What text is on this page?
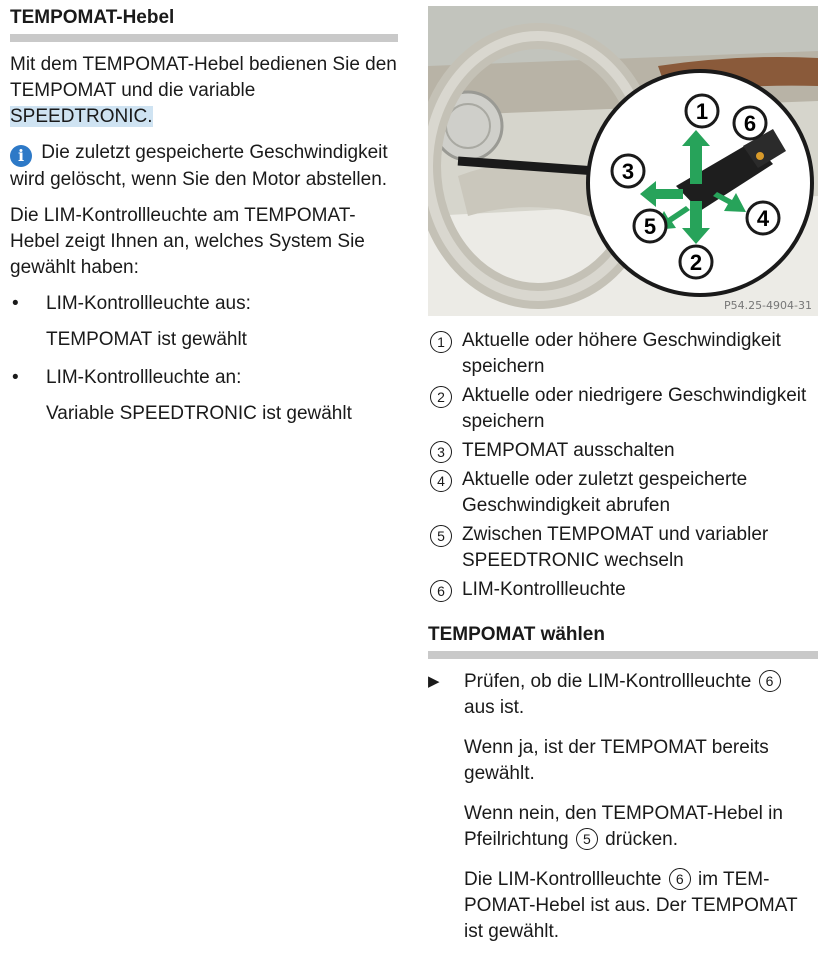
TEMPOMAT-Hebel

Mit dem TEMPOMAT-Hebel bedienen Sie den TEMPOMAT und die variable SPEEDTRONIC.

i Die zuletzt gespeicherte Geschwindigkeit wird gelöscht, wenn Sie den Motor abstellen.

Die LIM-Kontrollleuchte am TEMPOMAT-Hebel zeigt Ihnen an, welches System Sie gewählt haben:

• LIM-Kontrollleuchte aus:
TEMPOMAT ist gewählt
• LIM-Kontrollleuchte an:
Variable SPEEDTRONIC ist gewählt
1
2
3
4
5
6
P54.25-4904-31
1 Aktuelle oder höhere Geschwindigkeit speichern
2 Aktuelle oder niedrigere Geschwindigkeit speichern
3 TEMPOMAT ausschalten
4 Aktuelle oder zuletzt gespeicherte Geschwindigkeit abrufen
5 Zwischen TEMPOMAT und variabler SPEEDTRONIC wechseln
6 LIM-Kontrollleuchte
TEMPOMAT wählen
▶ Prüfen, ob die LIM-Kontrollleuchte 6 aus ist.

Wenn ja, ist der TEMPOMAT bereits gewählt.

Wenn nein, den TEMPOMAT-Hebel in Pfeilrichtung 5 drücken.

Die LIM-Kontrollleuchte 6 im TEMPOMAT-Hebel ist aus. Der TEMPOMAT ist gewählt.
